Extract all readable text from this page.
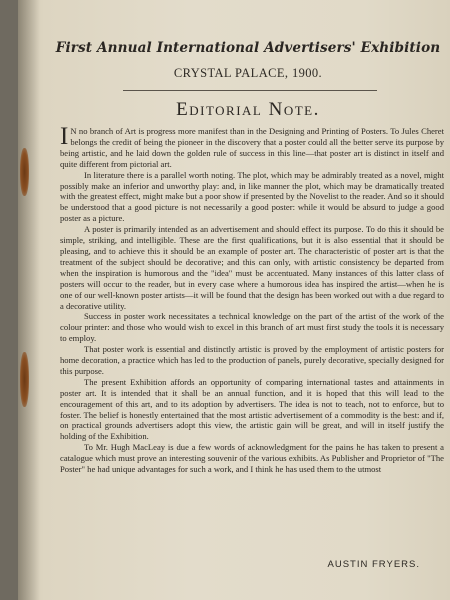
First Annual International Advertisers' Exhibition
CRYSTAL PALACE, 1900.
Editorial Note.

I N no branch of Art is progress more manifest than in the Designing and Printing of Posters. To Jules Cheret belongs the credit of being the pioneer in the discovery that a poster could all the better serve its purpose by being artistic, and he laid down the golden rule of success in this line—that poster art is distinct in itself and quite different from pictorial art.

In literature there is a parallel worth noting. The plot, which may be admirably treated as a novel, might possibly make an inferior and unworthy play: and, in like manner the plot, which may be dramatically treated with the greatest effect, might make but a poor show if presented by the Novelist to the reader. And so it should be understood that a good picture is not necessarily a good poster: while it would be absurd to judge a good poster as a picture.

A poster is primarily intended as an advertisement and should effect its purpose. To do this it should be simple, striking, and intelligible. These are the first qualifications, but it is also essential that it should be pleasing, and to achieve this it should be an example of poster art. The characteristic of poster art is that the treatment of the subject should be decorative; and this can only, with artistic consistency be departed from when the inspiration is humorous and the "idea" must be accentuated. Many instances of this latter class of posters will occur to the reader, but in every case where a humorous idea has inspired the artist—when he is one of our well-known poster artists—it will be found that the design has been worked out with a due regard to a decorative utility.

Success in poster work necessitates a technical knowledge on the part of the artist of the work of the colour printer: and those who would wish to excel in this branch of art must first study the tools it is necessary to employ.

That poster work is essential and distinctly artistic is proved by the employment of artistic posters for home decoration, a practice which has led to the production of panels, purely decorative, specially designed for this purpose.

The present Exhibition affords an opportunity of comparing international tastes and attainments in poster art. It is intended that it shall be an annual function, and it is hoped that this will lead to the encouragement of this art, and to its adoption by advertisers. The idea is not to teach, not to enforce, but to foster. The belief is honestly entertained that the most artistic advertisement of a commodity is the best: and if, on practical grounds advertisers adopt this view, the artistic gain will be great, and will in itself justify the holding of the Exhibition.

To Mr. Hugh MacLeay is due a few words of acknowledgment for the pains he has taken to present a catalogue which must prove an interesting souvenir of the various exhibits. As Publisher and Proprietor of "The Poster" he had unique advantages for such a work, and I think he has used them to the utmost

AUSTIN FRYERS.
